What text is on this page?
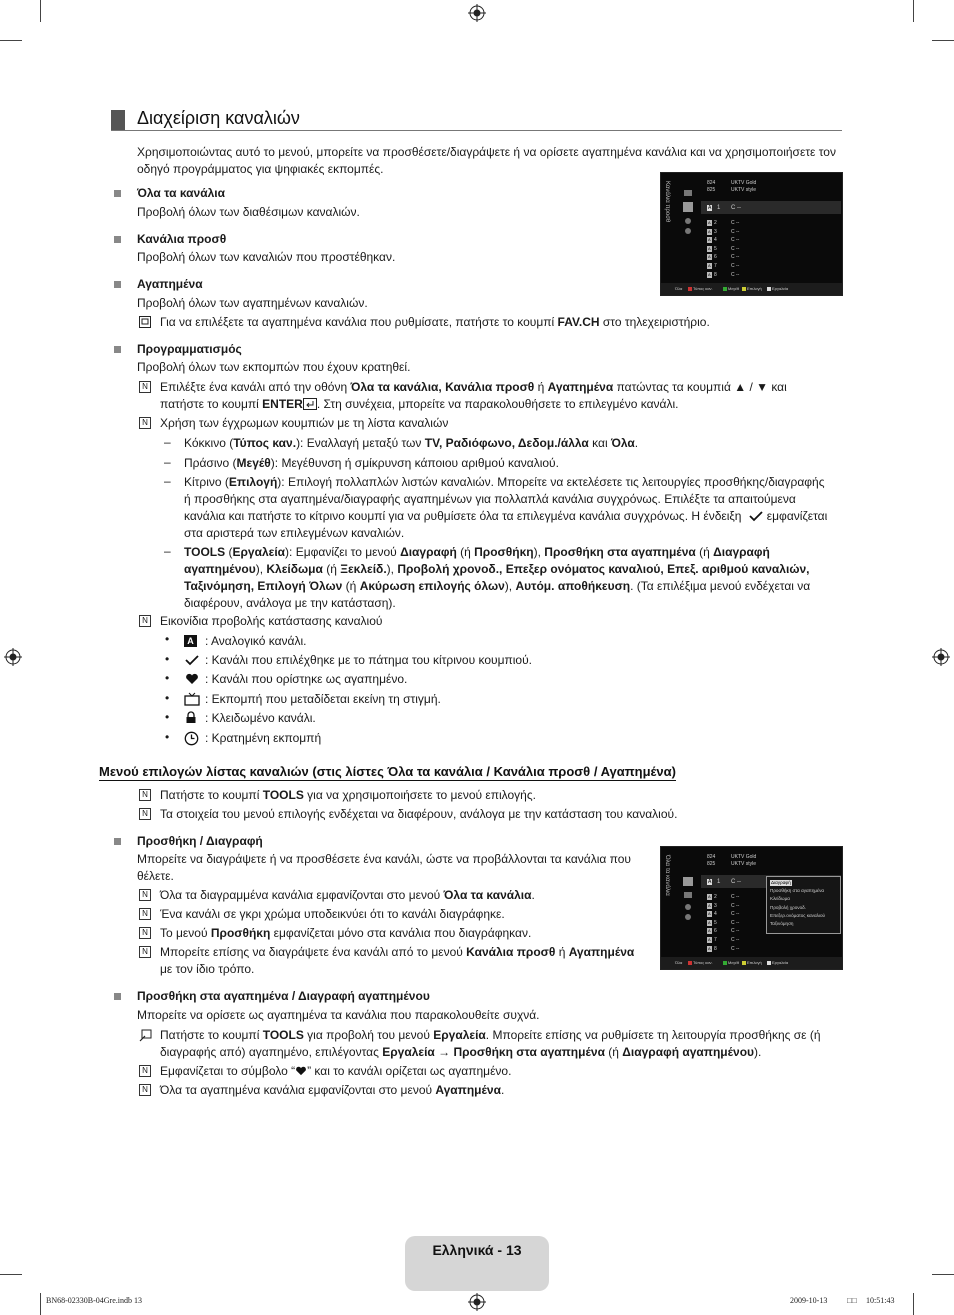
Διαχείριση καναλιών
Χρησιμοποιώντας αυτό το μενού, μπορείτε να προσθέσετε/διαγράψετε ή να ορίσετε αγαπημένα κανάλια και να χρησιμοποιήσετε τον οδηγό προγράμματος για ψηφιακές εκπομπές.
Κανάλια προσθ	824	UKTV Gold
825	UKTV style
A 1 C --
A 2	C --
A 3	C --
A 4	C --
A 5	C --
A 6	C --
A 7	C --
A 8	C --
Όλα	Τύπος καν.	Μεγέθ Επιλογή	Εργαλεία
Όλα τα κανάλια
Προβολή όλων των διαθέσιμων καναλιών.
Κανάλια προσθ
Προβολή όλων των καναλιών που προστέθηκαν.
Αγαπημένα
Προβολή όλων των αγαπημένων καναλιών.
Για να επιλέξετε τα αγαπημένα κανάλια που ρυθμίσατε, πατήστε το κουμπί FAV.CH στο τηλεχειριστήριο.
Προγραμματισμός
Προβολή όλων των εκπομπών που έχουν κρατηθεί.
N Επιλέξτε ένα κανάλι από την οθόνη Όλα τα κανάλια, Κανάλια προσθ ή Αγαπημένα πατώντας τα κουμπιά ▲ / ▼ και
πατήστε το κουμπί ENTER . Στη συνέχεια, μπορείτε να παρακολουθήσετε το επιλεγμένο κανάλι.
N Χρήση των έγχρωμων κουμπιών με τη λίστα καναλιών
– Κόκκινο (Τύπος καν.): Εναλλαγή μεταξύ των TV, Ραδιόφωνο, Δεδομ./άλλα και Όλα.
– Πράσινο (Μεγέθ): Μεγέθυνση ή σμίκρυνση κάποιου αριθμού καναλιού.
– Κίτρινο (Επιλογή): Επιλογή πολλαπλών λιστών καναλιών. Μπορείτε να εκτελέσετε τις λειτουργίες προσθήκης/διαγραφής
ή προσθήκης στα αγαπημένα/διαγραφής αγαπημένων για πολλαπλά κανάλια συγχρόνως. Επιλέξτε τα απαιτούμενα
κανάλια και πατήστε το κίτρινο κουμπί για να ρυθμίσετε όλα τα επιλεγμένα κανάλια συγχρόνως. Η ένδειξη εμφανίζεται
στα αριστερά των επιλεγμένων καναλιών.
– TOOLS (Εργαλεία): Εμφανίζει το μενού Διαγραφή (ή Προσθήκη), Προσθήκη στα αγαπημένα (ή Διαγραφή
αγαπημένου), Κλείδωμα (ή Ξεκλείδ.), Προβολή χρονοδ., Επεξερ ονόματος καναλιού, Επεξ. αριθμού καναλιών,
Ταξινόμηση, Επιλογή Όλων (ή Ακύρωση επιλογής όλων), Αυτόμ. αποθήκευση. (Τα επιλέξιμα μενού ενδέχεται να
διαφέρουν, ανάλογα με την κατάσταση).
N Εικονίδια προβολής κατάστασης καναλιού
•	A : Αναλογικό κανάλι.
•	: Κανάλι που επιλέχθηκε με το πάτημα του κίτρινου κουμπιού.
•	: Κανάλι που ορίστηκε ως αγαπημένο.
•	: Εκπομπή που μεταδίδεται εκείνη τη στιγμή.
•	: Κλειδωμένο κανάλι.
•	: Κρατημένη εκπομπή
Μενού επιλογών λίστας καναλιών (στις λίστες Όλα τα κανάλια / Κανάλια προσθ / Αγαπημένα)
N Πατήστε το κουμπί TOOLS για να χρησιμοποιήσετε το μενού επιλογής.
N Τα στοιχεία του μενού επιλογής ενδέχεται να διαφέρουν, ανάλογα με την κατάσταση του καναλιού.
Όλα τα κανάλια	824	UKTV Gold
825	UKTV style
A 1 C --
A 2	C --
A 3	C --
A 4	C --
A 5	C --
A 6	C --
A 7	C --
A 8	C --
Διαγραφή
Προσθήκη στα αγαπημένα
Κλείδωμα
Προβολή χρονοδ.
Επεξερ.ονόματος καναλιού
Ταξινόμηση
Όλα	Τύπος καν.	Μεγέθ Επιλογή	Εργαλεία
Προσθήκη / Διαγραφή
Μπορείτε να διαγράψετε ή να προσθέσετε ένα κανάλι, ώστε να προβάλλονται τα κανάλια που
θέλετε.
N Όλα τα διαγραμμένα κανάλια εμφανίζονται στο μενού Όλα τα κανάλια.
N Ένα κανάλι σε γκρι χρώμα υποδεικνύει ότι το κανάλι διαγράφηκε.
N Το μενού Προσθήκη εμφανίζεται μόνο στα κανάλια που διαγράφηκαν.
N Μπορείτε επίσης να διαγράψετε ένα κανάλι από το μενού Κανάλια προσθ ή Αγαπημένα
με τον ίδιο τρόπο.
Προσθήκη στα αγαπημένα / Διαγραφή αγαπημένου
Μπορείτε να ορίσετε ως αγαπημένα τα κανάλια που παρακολουθείτε συχνά.
Πατήστε το κουμπί TOOLS για προβολή του μενού Εργαλεία. Μπορείτε επίσης να ρυθμίσετε τη λειτουργία προσθήκης σε (ή
διαγραφής από) αγαπημένο, επιλέγοντας Εργαλεία → Προσθήκη στα αγαπημένα (ή Διαγραφή αγαπημένου).
N Εμφανίζεται το σύμβολο “ ” και το κανάλι ορίζεται ως αγαπημένο.
N Όλα τα αγαπημένα κανάλια εμφανίζονται στο μενού Αγαπημένα.
Ελληνικά - 13
BN68-02330B-04Gre.indb 13	2009-10-13 □□ 10:51:43
